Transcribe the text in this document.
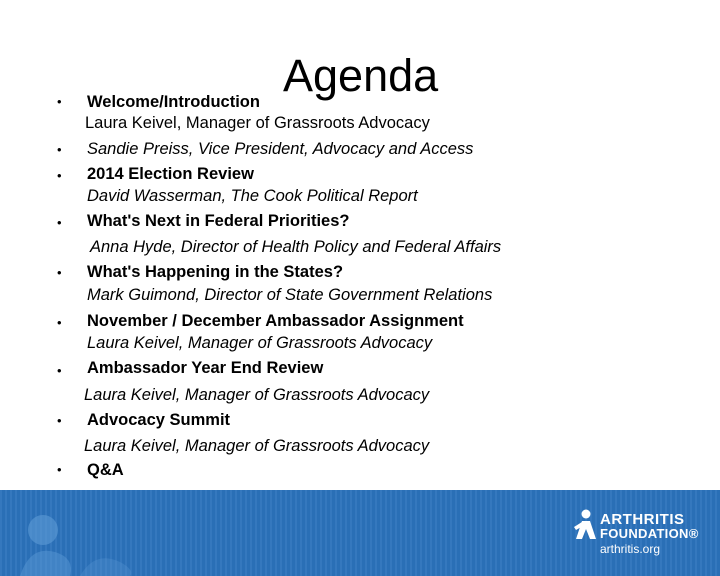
Agenda
• Welcome/Introduction
Laura Keivel, Manager of Grassroots Advocacy
• Sandie Preiss, Vice President, Advocacy and Access
• 2014 Election Review
David Wasserman, The Cook Political Report
• What's Next in Federal Priorities?
Anna Hyde, Director of Health Policy and Federal Affairs
• What's Happening in the States?
Mark Guimond, Director of State Government Relations
• November / December Ambassador Assignment
Laura Keivel, Manager of Grassroots Advocacy
• Ambassador Year End Review
Laura Keivel, Manager of Grassroots Advocacy
• Advocacy Summit
Laura Keivel, Manager of Grassroots Advocacy
• Q&A
ARTHRITIS
FOUNDATION®
arthritis.org
